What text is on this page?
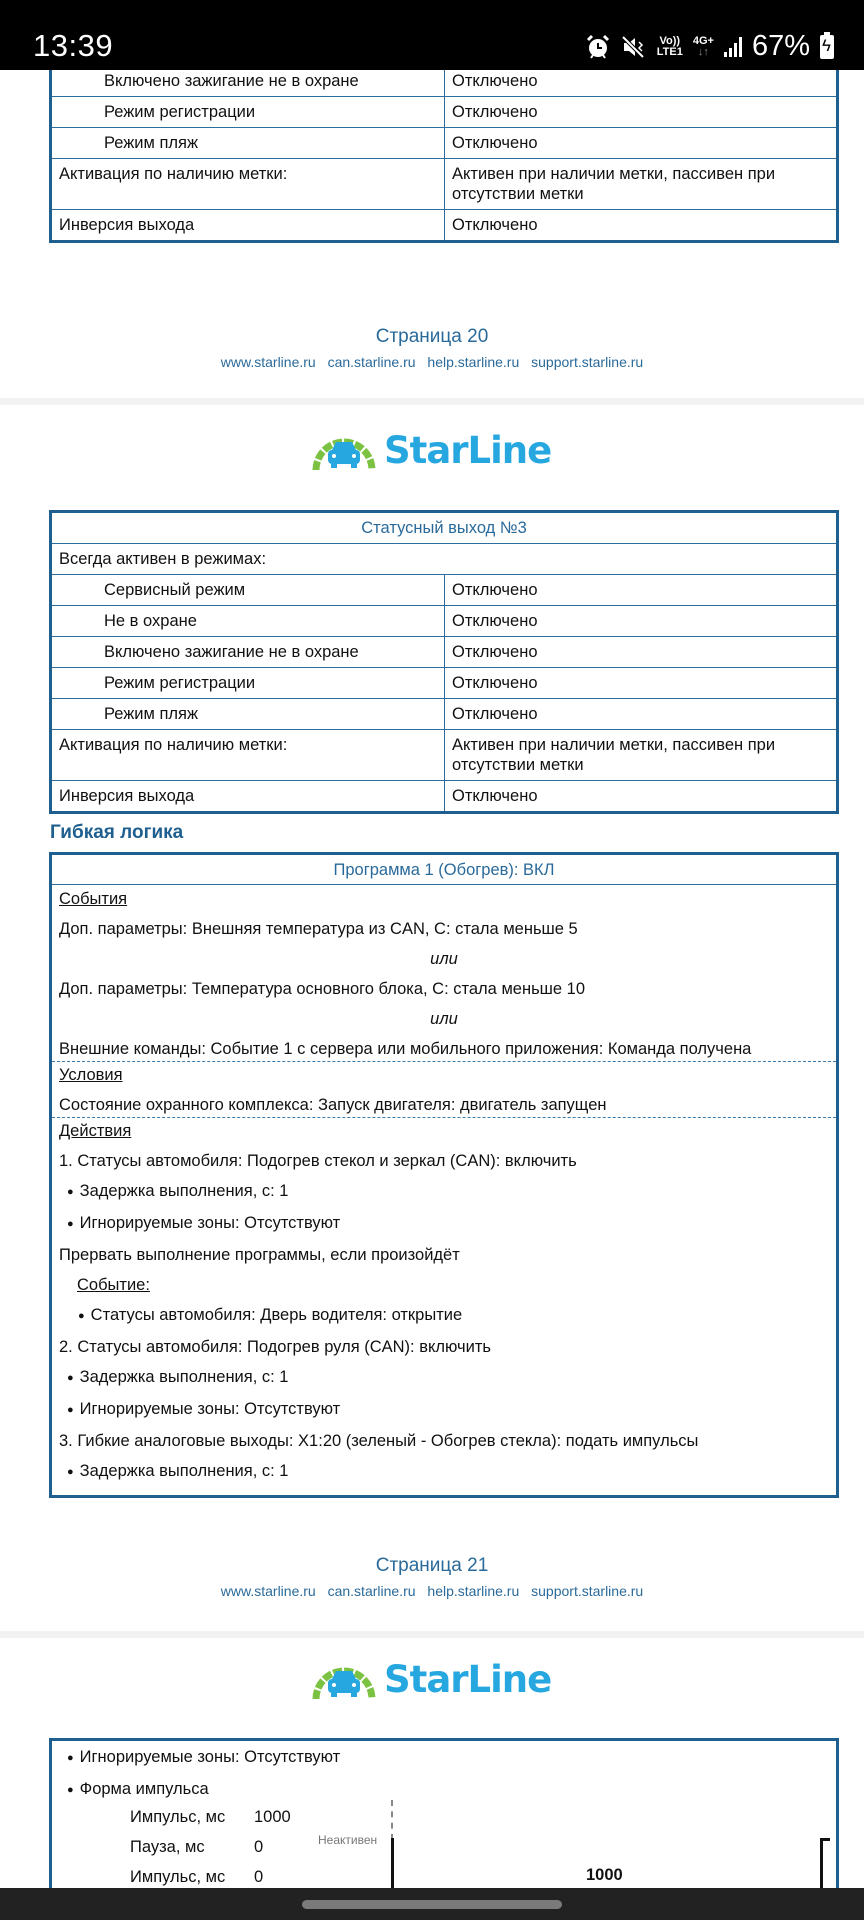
Включено зажигание не в охране	Отключено
Режим регистрации	Отключено
Режим пляж	Отключено
Активация по наличию метки:	Активен при наличии метки, пассивен при отсутствии метки
Инверсия выхода	Отключено
Страница 20
www.starline.ru can.starline.ru help.starline.ru support.starline.ru
StarLine
Статусный выход №3
Всегда активен в режимах:
Сервисный режим	Отключено
Не в охране	Отключено
Включено зажигание не в охране	Отключено
Режим регистрации	Отключено
Режим пляж	Отключено
Активация по наличию метки:	Активен при наличии метки, пассивен при отсутствии метки
Инверсия выхода	Отключено
Гибкая логика
Программа 1 (Обогрев): ВКЛ
События
Доп. параметры: Внешняя температура из CAN, C: стала меньше 5
или
Доп. параметры: Температура основного блока, C: стала меньше 10
или
Внешние команды: Событие 1 с сервера или мобильного приложения: Команда получена
Условия
Состояние охранного комплекса: Запуск двигателя: двигатель запущен
Действия
1. Статусы автомобиля: Подогрев стекол и зеркал (CAN): включить
● Задержка выполнения, с: 1
● Игнорируемые зоны: Отсутствуют
Прервать выполнение программы, если произойдёт
Событие:
● Статусы автомобиля: Дверь водителя: открытие
2. Статусы автомобиля: Подогрев руля (CAN): включить
● Задержка выполнения, с: 1
● Игнорируемые зоны: Отсутствуют
3. Гибкие аналоговые выходы: X1:20 (зеленый - Обогрев стекла): подать импульсы
● Задержка выполнения, с: 1
Страница 21
www.starline.ru can.starline.ru help.starline.ru support.starline.ru
StarLine
● Игнорируемые зоны: Отсутствуют
● Форма импульса
Импульс, мс 1000
Пауза, мс	0
Импульс, мс 0
Неактивен
1000
13:39	Vo))
LTE1
4G+
↓↑ 67%
ϟ
